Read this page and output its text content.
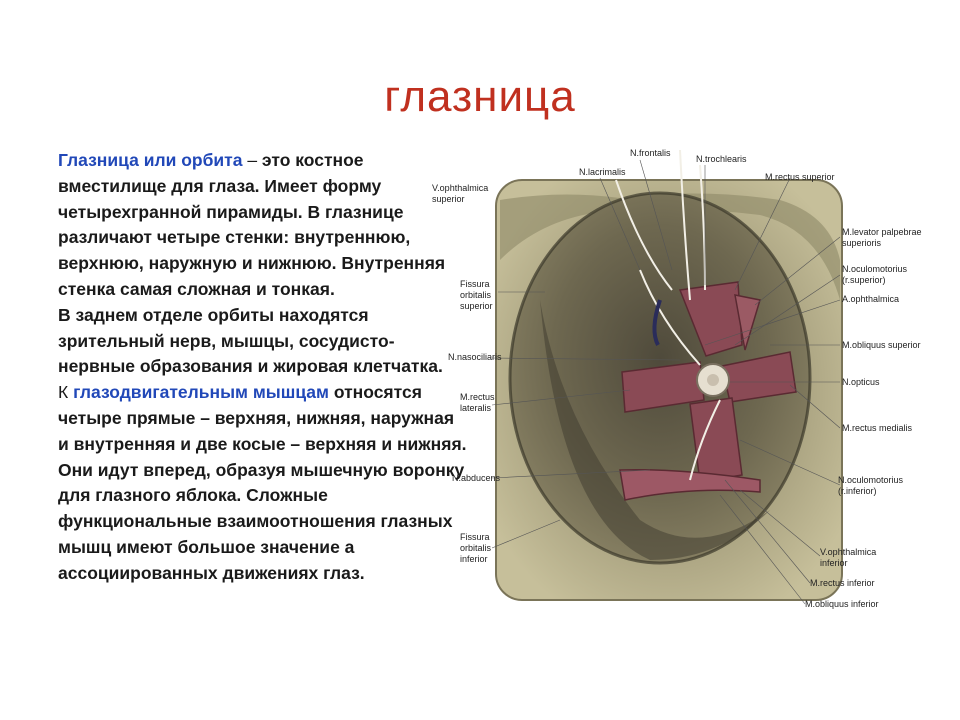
глазница
N.frontalis
N.lacrimalis
N.trochlearis
V.ophthalmica
superior
M.rectus superior
M.levator palpebrae
superioris
Fissura
orbitalis
superior
N.oculomotorius
(r.superior)
A.ophthalmica
N.nasociliaris
M.obliquus superior
N.opticus
M.rectus
lateralis
M.rectus medialis
N.abducens	N.oculomotorius
(r.inferior)
Fissura
orbitalis
inferior
V.ophthalmica
inferior
M.rectus inferior
M.obliquus inferior

Глазница или орбита – это костное вместилище для глаза. Имеет форму четырехгранной пирамиды. В глазнице различают четыре стенки: внутреннюю, верхнюю, наружную и нижнюю. Внутренняя стенка самая сложная и тонкая.

В заднем отделе орбиты находятся зрительный нерв, мышцы, сосудисто-нервные образования и жировая клетчатка.

К глазодвигательным мышцам относятся четыре прямые – верхняя, нижняя, наружная и внутренняя и две косые – верхняя и нижняя. Они идут вперед, образуя мышечную воронку для глазного яблока. Сложные функциональные взаимоотношения глазных мышц имеют большое значение а ассоциированных движениях глаз.
